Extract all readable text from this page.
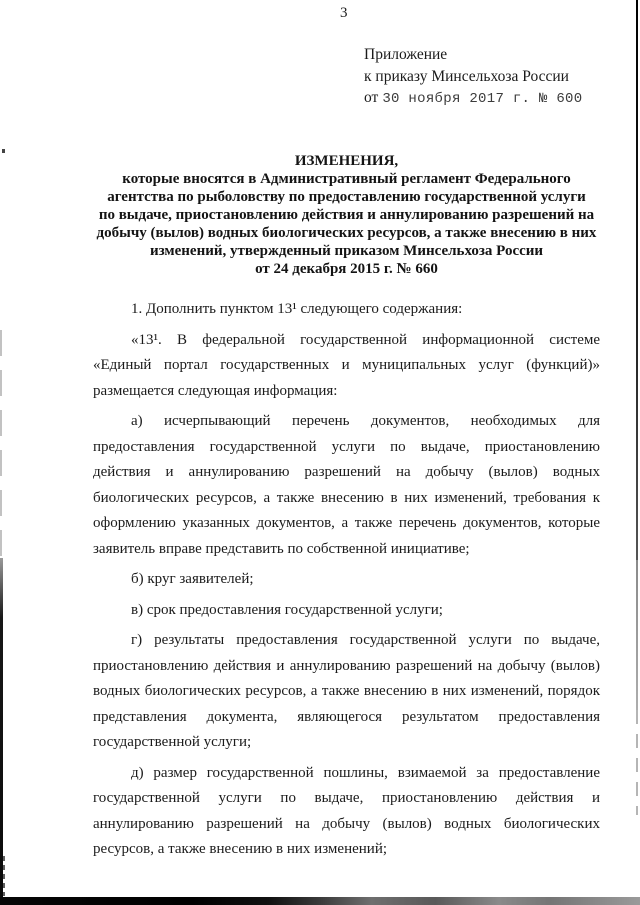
3
Приложение
к приказу Минсельхоза России
от 30 ноября 2017 г. № 600
ИЗМЕНЕНИЯ,
которые вносятся в Административный регламент Федерального
агентства по рыболовству по предоставлению государственной услуги
по выдаче, приостановлению действия и аннулированию разрешений на
добычу (вылов) водных биологических ресурсов, а также внесению в них
изменений, утвержденный приказом Минсельхоза России
от 24 декабря 2015 г. № 660
1. Дополнить пунктом 13¹ следующего содержания:
«13¹. В федеральной государственной информационной системе
«Единый портал государственных и муниципальных услуг (функций)»
размещается следующая информация:
а) исчерпывающий перечень документов, необходимых для
предоставления государственной услуги по выдаче, приостановлению
действия и аннулированию разрешений на добычу (вылов) водных
биологических ресурсов, а также внесению в них изменений, требования к
оформлению указанных документов, а также перечень документов, которые
заявитель вправе представить по собственной инициативе;
б) круг заявителей;
в) срок предоставления государственной услуги;
г) результаты предоставления государственной услуги по выдаче,
приостановлению действия и аннулированию разрешений на добычу (вылов)
водных биологических ресурсов, а также внесению в них изменений, порядок
представления документа, являющегося результатом предоставления
государственной услуги;
д) размер государственной пошлины, взимаемой за предоставление
государственной услуги по выдаче, приостановлению действия и
аннулированию разрешений на добычу (вылов) водных биологических
ресурсов, а также внесению в них изменений;
